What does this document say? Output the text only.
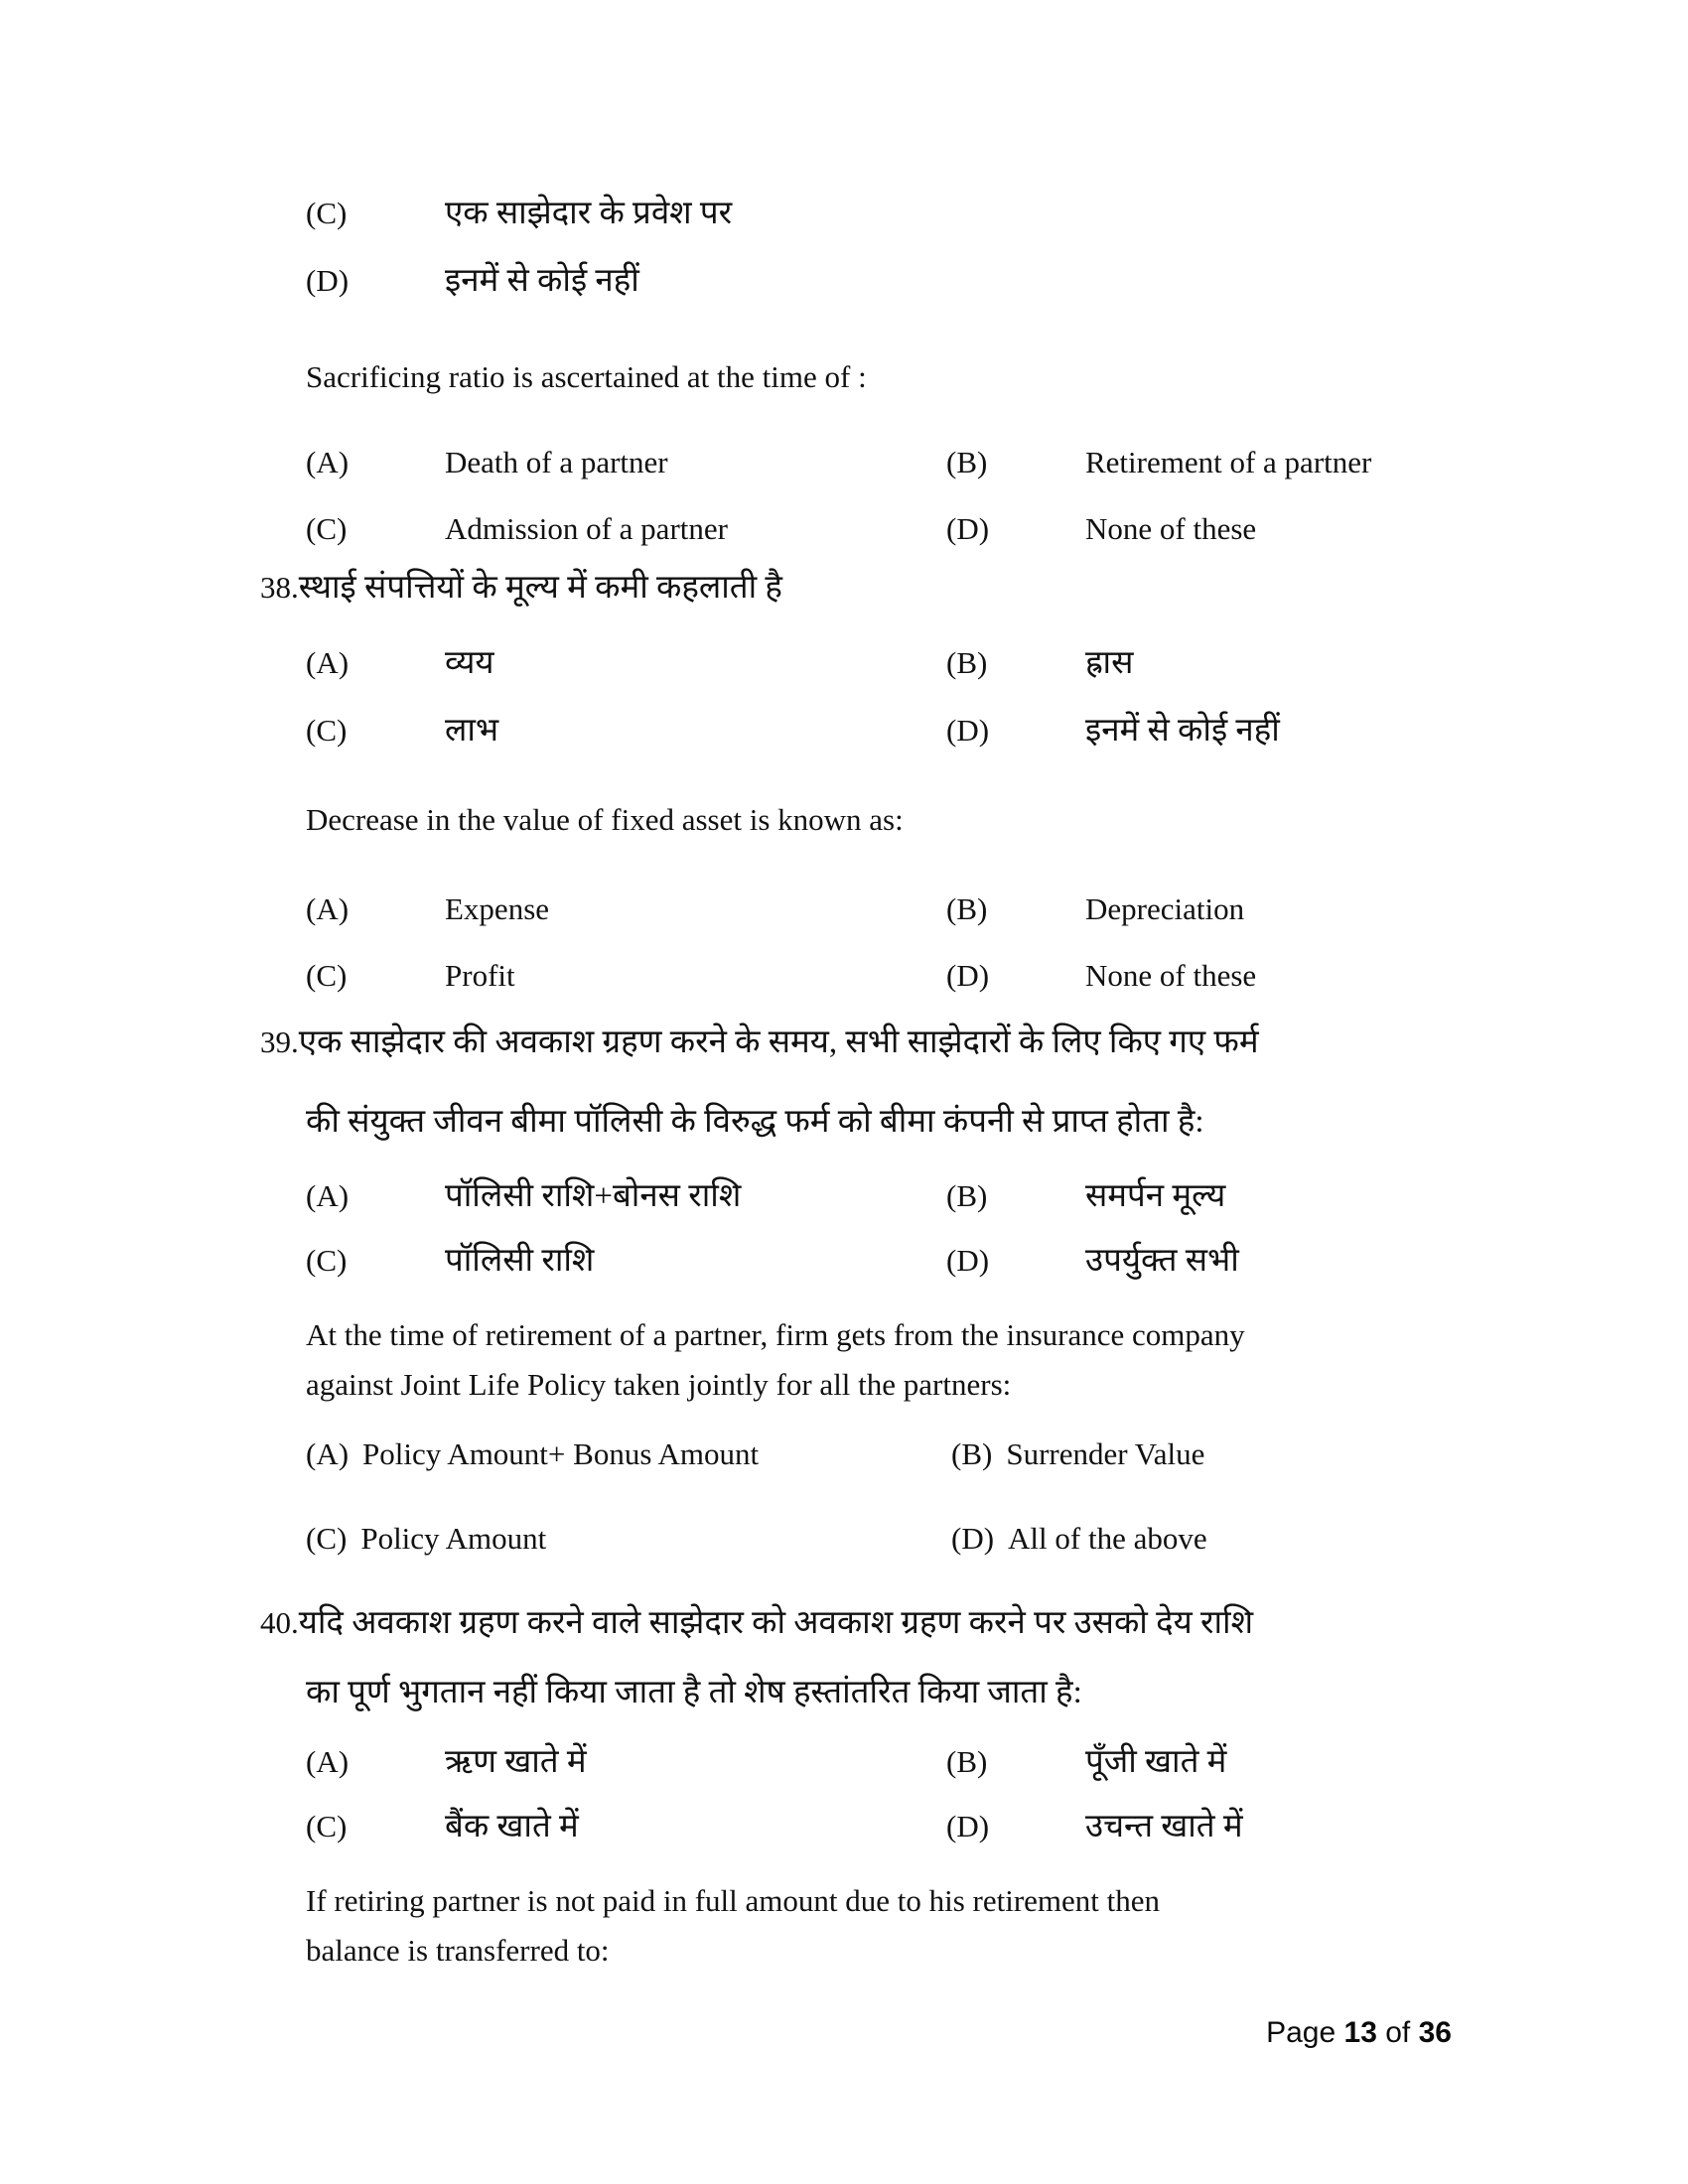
(C)	एक साझेदार के प्रवेश पर
(D)	इनमें से कोई नहीं
Sacrificing ratio is ascertained at the time of :
(A)	Death of a partner	(B)	Retirement of a partner
(C)	Admission of a partner	(D)	None of these
38.स्थाई संपत्तियों के मूल्य में कमी कहलाती है
(A)	व्यय	(B)	ह्रास
(C)	लाभ	(D)	इनमें से कोई नहीं
Decrease in the value of fixed asset is known as:
(A)	Expense	(B)	Depreciation
(C)	Profit	(D)	None of these
39.एक साझेदार की अवकाश ग्रहण करने के समय, सभी साझेदारों के लिए किए गए फर्म
की संयुक्त जीवन बीमा पॉलिसी के विरुद्ध फर्म को बीमा कंपनी से प्राप्त होता है:
(A)	पॉलिसी राशि+बोनस राशि	(B)	समर्पन मूल्य
(C)	पॉलिसी राशि	(D)	उपर्युक्त सभी
At the time of retirement of a partner, firm gets from the insurance company
against Joint Life Policy taken jointly for all the partners:
(A) Policy Amount+ Bonus Amount	(B) Surrender Value
(C) Policy Amount	(D) All of the above
40.यदि अवकाश ग्रहण करने वाले साझेदार को अवकाश ग्रहण करने पर उसको देय राशि
का पूर्ण भुगतान नहीं किया जाता है तो शेष हस्तांतरित किया जाता है:
(A)	ऋण खाते में	(B)	पूँजी खाते में
(C)	बैंक खाते में	(D)	उचन्त खाते में
If retiring partner is not paid in full amount due to his retirement then
balance is transferred to:
Page 13 of 36
